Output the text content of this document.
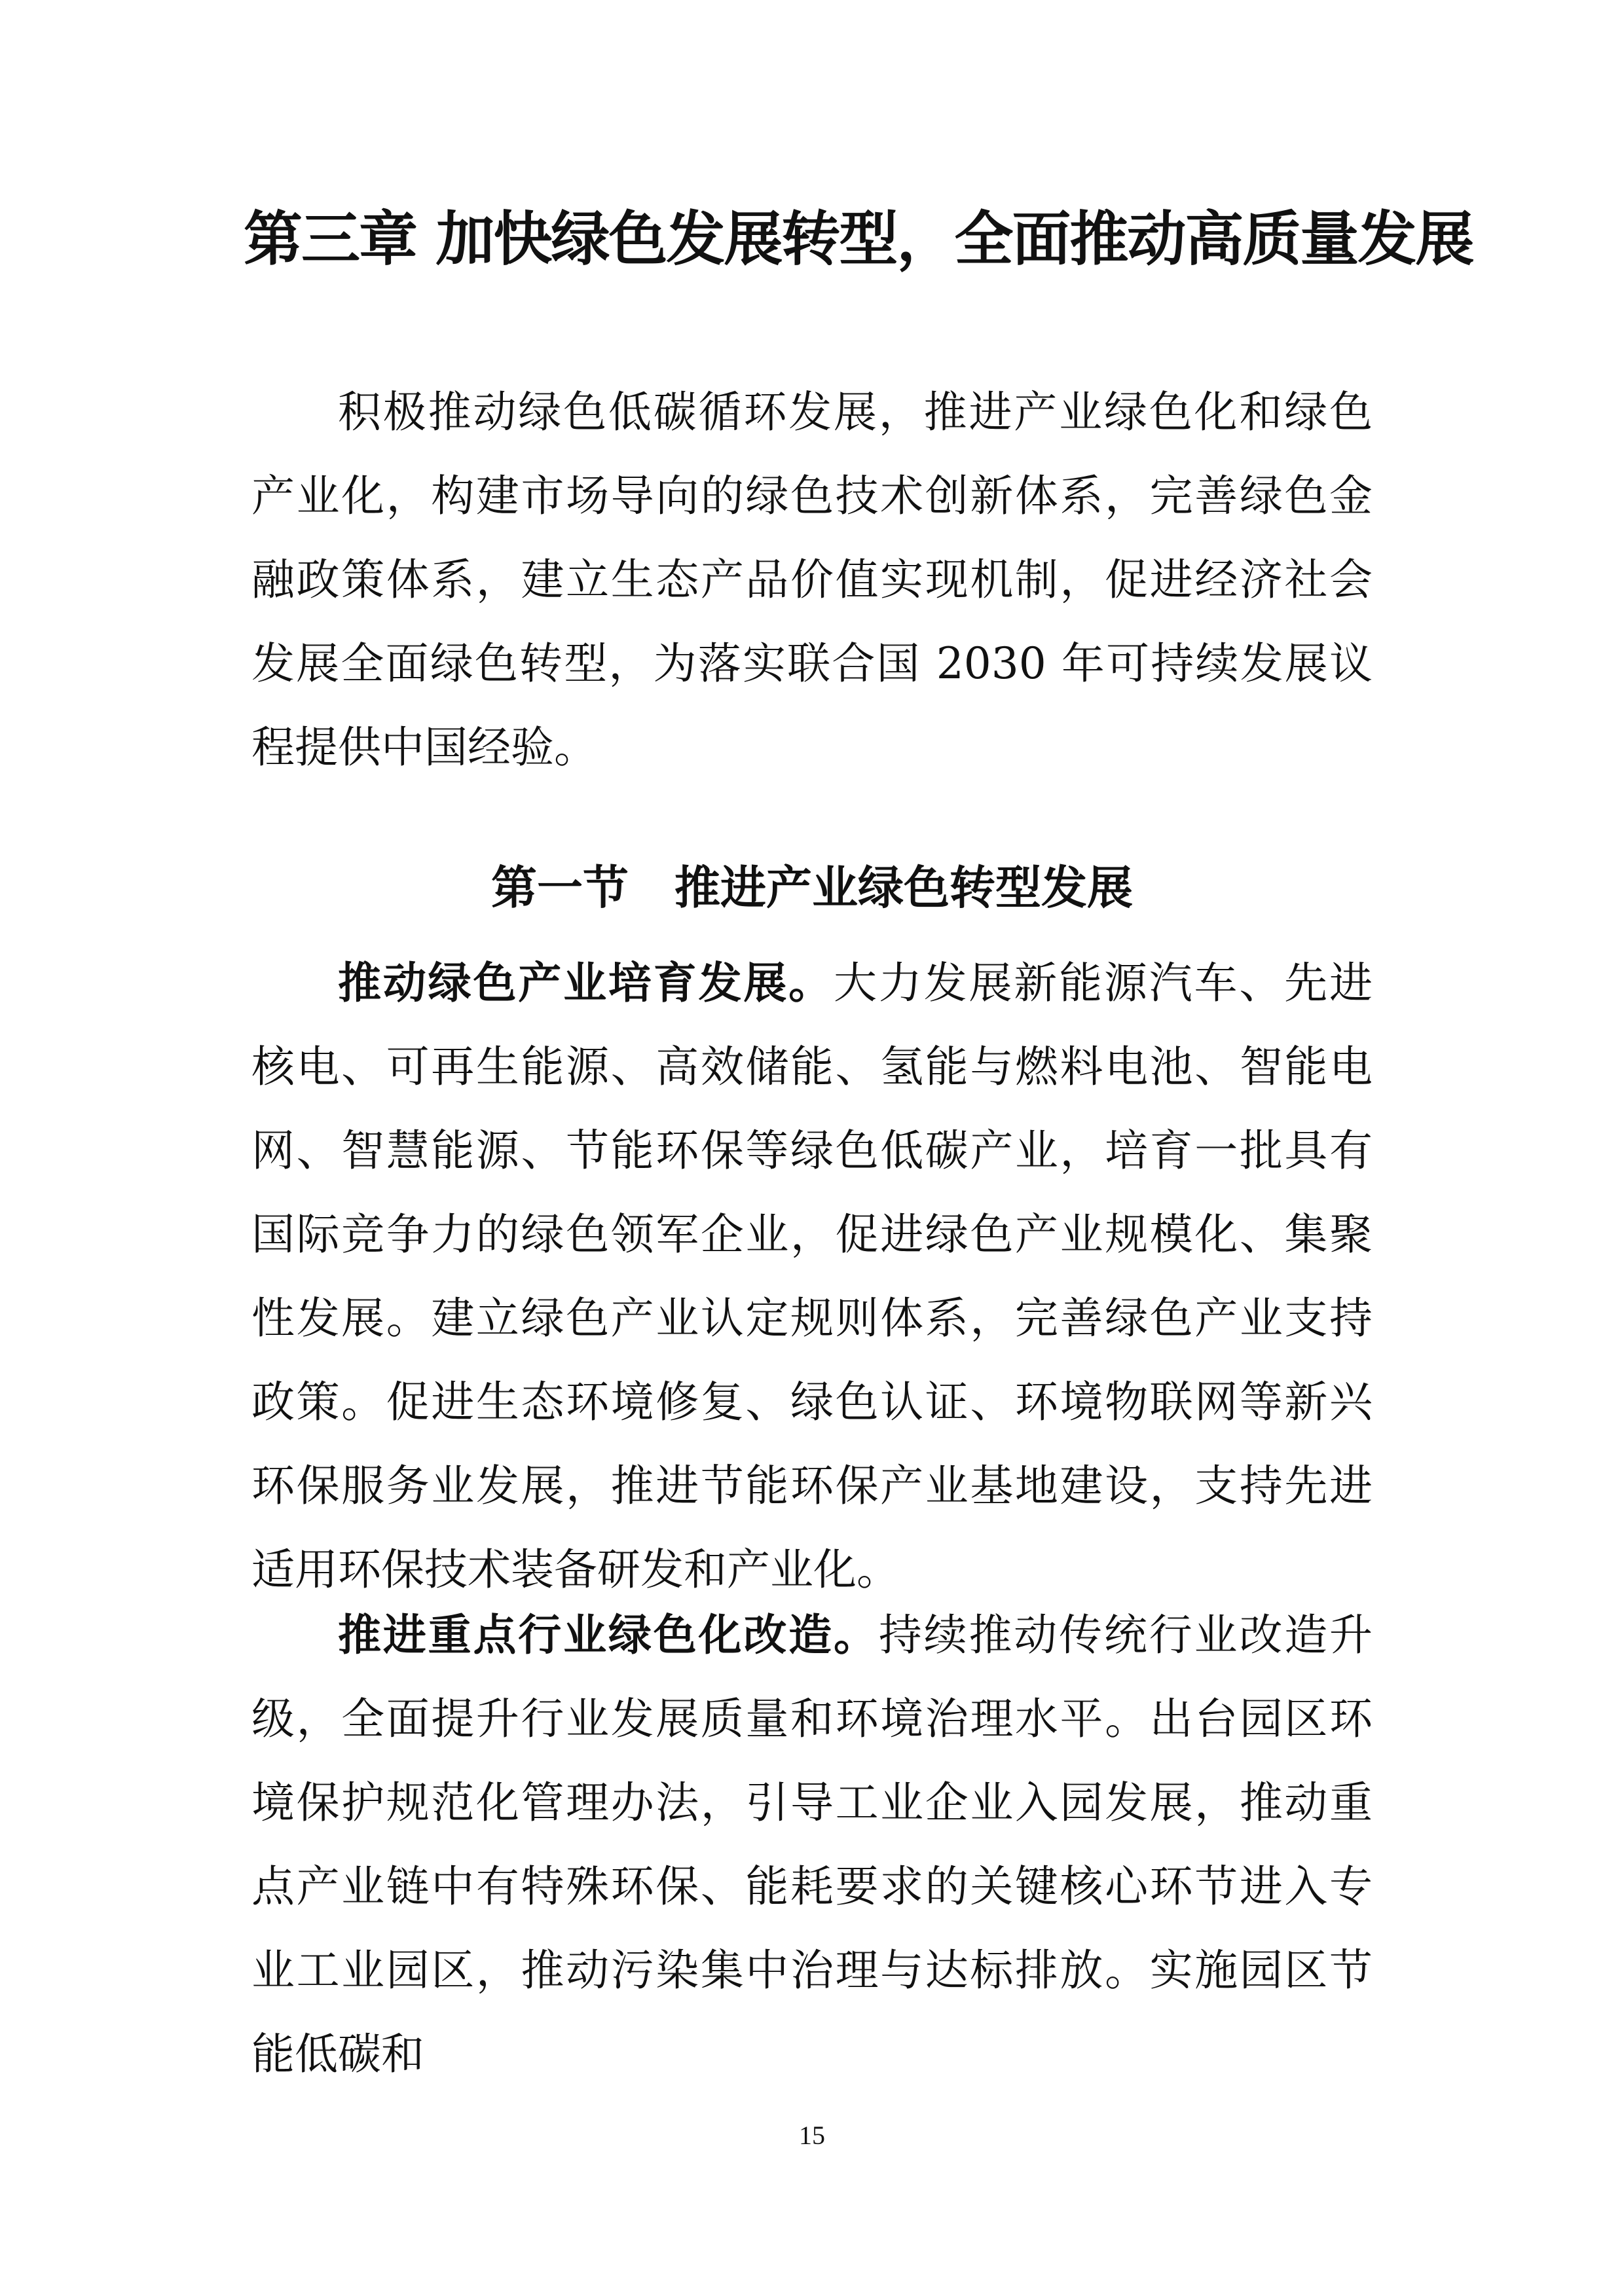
第三章 加快绿色发展转型，全面推动高质量发展

积极推动绿色低碳循环发展，推进产业绿色化和绿色产业化，构建市场导向的绿色技术创新体系，完善绿色金融政策体系，建立生态产品价值实现机制，促进经济社会发展全面绿色转型，为落实联合国 2030 年可持续发展议程提供中国经验。

第一节　推进产业绿色转型发展

推动绿色产业培育发展。大力发展新能源汽车、先进核电、可再生能源、高效储能、氢能与燃料电池、智能电网、智慧能源、节能环保等绿色低碳产业，培育一批具有国际竞争力的绿色领军企业，促进绿色产业规模化、集聚性发展。建立绿色产业认定规则体系，完善绿色产业支持政策。促进生态环境修复、绿色认证、环境物联网等新兴环保服务业发展，推进节能环保产业基地建设，支持先进适用环保技术装备研发和产业化。

推进重点行业绿色化改造。持续推动传统行业改造升级，全面提升行业发展质量和环境治理水平。出台园区环境保护规范化管理办法，引导工业企业入园发展，推动重点产业链中有特殊环保、能耗要求的关键核心环节进入专业工业园区，推动污染集中治理与达标排放。实施园区节能低碳和

15
